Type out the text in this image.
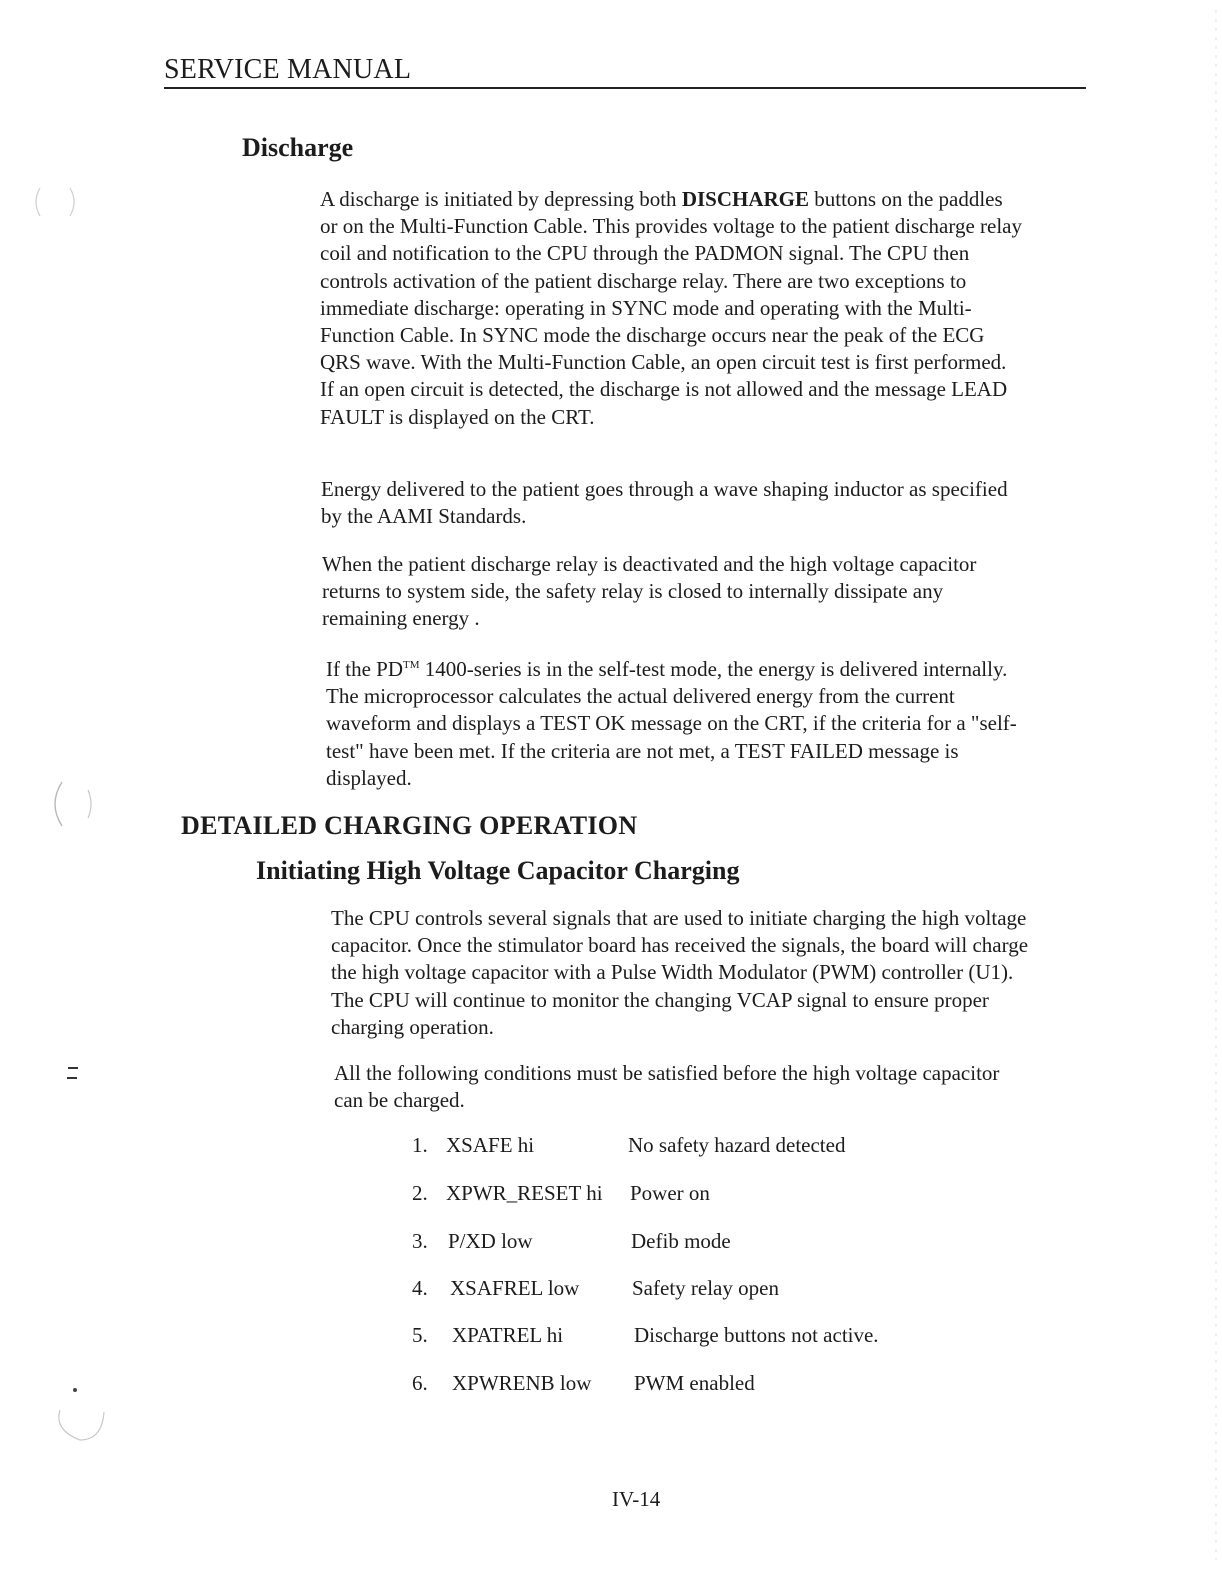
SERVICE MANUAL
Discharge

A discharge is initiated by depressing both DISCHARGE buttons on the paddles or on the Multi-Function Cable. This provides voltage to the patient discharge relay coil and notification to the CPU through the PADMON signal. The CPU then controls activation of the patient discharge relay. There are two exceptions to immediate discharge: operating in SYNC mode and operating with the Multi-Function Cable. In SYNC mode the discharge occurs near the peak of the ECG QRS wave. With the Multi-Function Cable, an open circuit test is first performed. If an open circuit is detected, the discharge is not allowed and the message LEAD FAULT is displayed on the CRT.

Energy delivered to the patient goes through a wave shaping inductor as specified by the AAMI Standards.

When the patient discharge relay is deactivated and the high voltage capacitor returns to system side, the safety relay is closed to internally dissipate any remaining energy .

If the PD™ 1400-series is in the self-test mode, the energy is delivered internally. The microprocessor calculates the actual delivered energy from the current waveform and displays a TEST OK message on the CRT, if the criteria for a "self-test" have been met. If the criteria are not met, a TEST FAILED message is displayed.

DETAILED CHARGING OPERATION
Initiating High Voltage Capacitor Charging

The CPU controls several signals that are used to initiate charging the high voltage capacitor. Once the stimulator board has received the signals, the board will charge the high voltage capacitor with a Pulse Width Modulator (PWM) controller (U1). The CPU will continue to monitor the changing VCAP signal to ensure proper charging operation.

All the following conditions must be satisfied before the high voltage capacitor can be charged.

1. XSAFE hi	No safety hazard detected
2. XPWR_RESET hi Power on
3. P/XD low	Defib mode
4. XSAFREL low	Safety relay open
5. XPATREL hi	Discharge buttons not active.
6. XPWRENB low PWM enabled
IV-14
